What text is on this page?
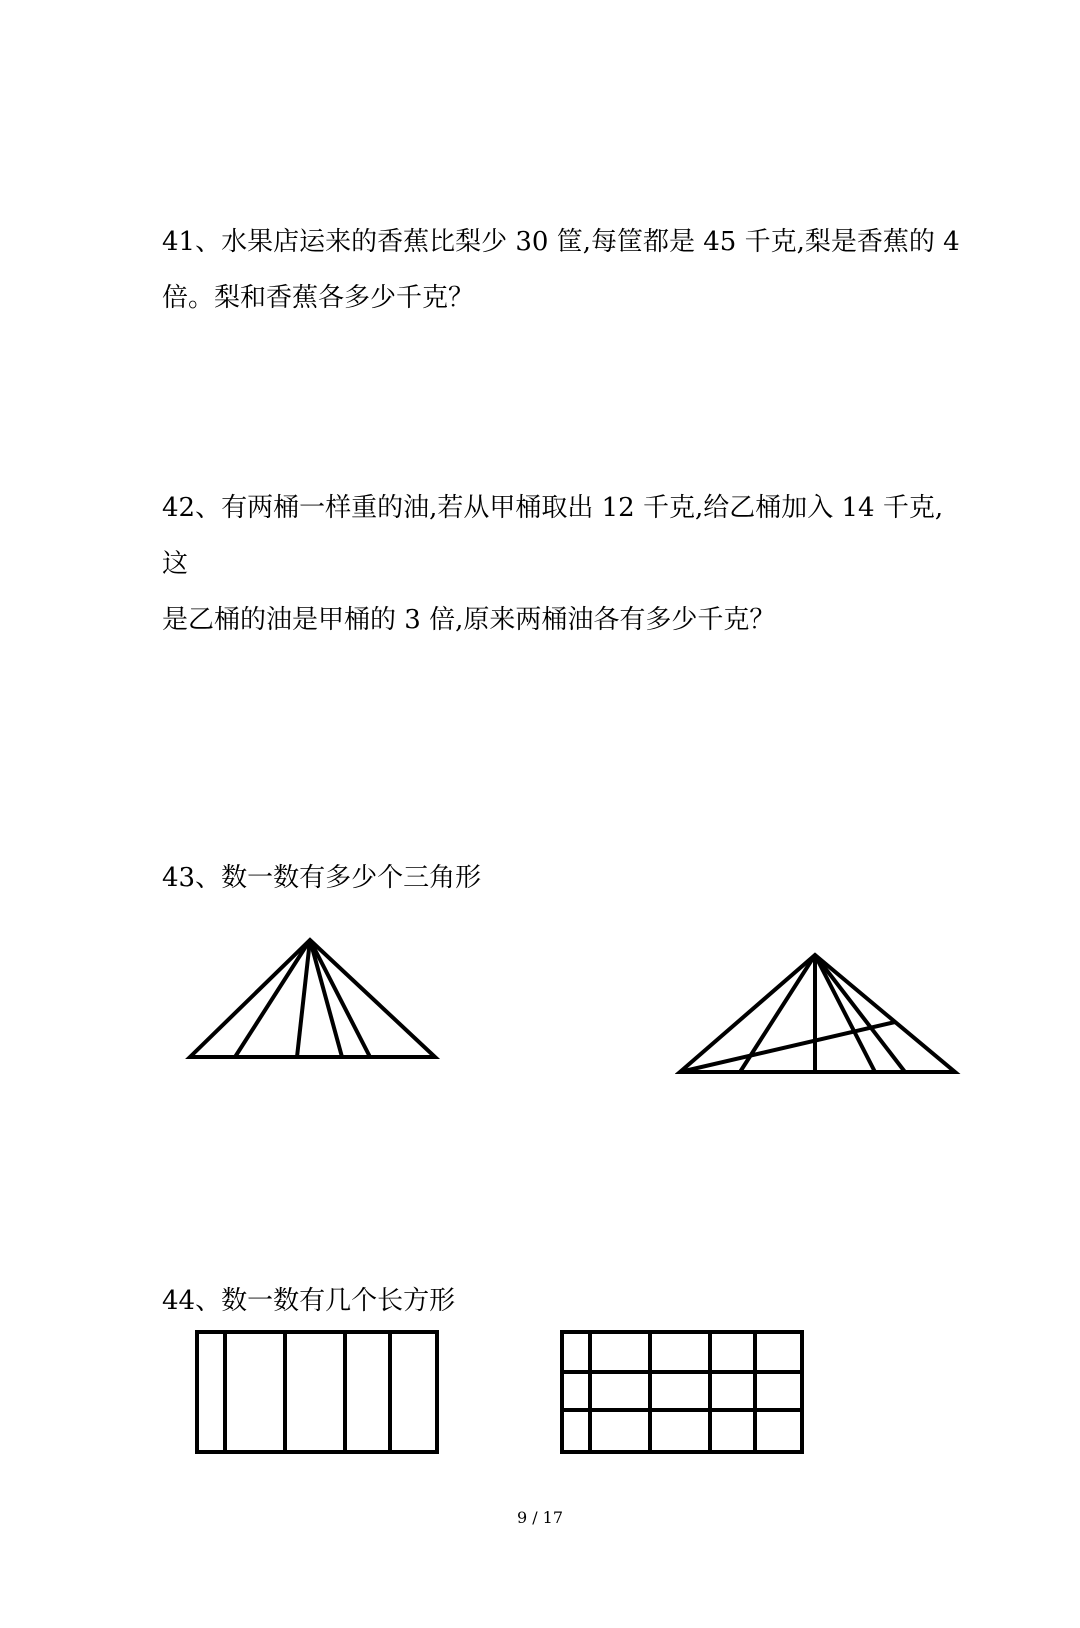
41、水果店运来的香蕉比梨少 30 筐,每筐都是 45 千克,梨是香蕉的 4
倍。梨和香蕉各多少千克？
42、有两桶一样重的油,若从甲桶取出 12 千克,给乙桶加入 14 千克,这
是乙桶的油是甲桶的 3 倍,原来两桶油各有多少千克？
43、数一数有多少个三角形
44、数一数有几个长方形
9 / 17
